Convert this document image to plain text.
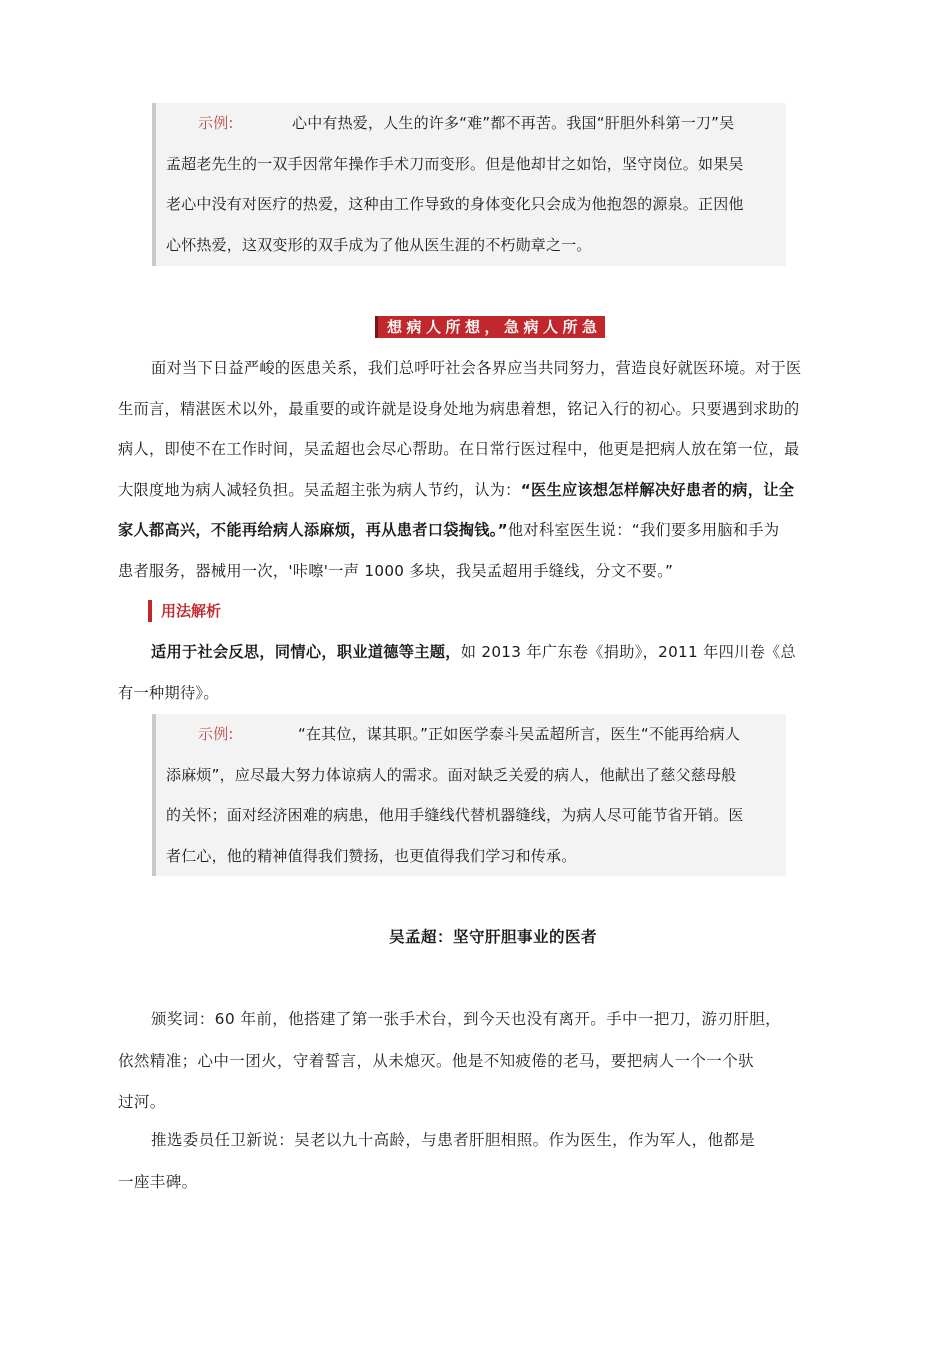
示例:	心中有热爱，人生的许多“难”都不再苦。我国“肝胆外科第一刀”吴
孟超老先生的一双手因常年操作手术刀而变形。但是他却甘之如饴，坚守岗位。如果吴
老心中没有对医疗的热爱，这种由工作导致的身体变化只会成为他抱怨的源泉。正因他
心怀热爱，这双变形的双手成为了他从医生涯的不朽勋章之一。
想病人所想，急病人所急
面对当下日益严峻的医患关系，我们总呼吁社会各界应当共同努力，营造良好就医环境。对于医
生而言，精湛医术以外，最重要的或许就是设身处地为病患着想，铭记入行的初心。只要遇到求助的
病人，即使不在工作时间，吴孟超也会尽心帮助。在日常行医过程中，他更是把病人放在第一位，最
大限度地为病人减轻负担。吴孟超主张为病人节约，认为：“医生应该想怎样解决好患者的病，让全
家人都高兴，不能再给病人添麻烦，再从患者口袋掏钱。”他对科室医生说：“我们要多用脑和手为
患者服务，器械用一次，'咔嚓'一声 1000 多块，我吴孟超用手缝线，分文不要。”
用法解析
适用于社会反思，同情心，职业道德等主题，如 2013 年广东卷《捐助》，2011 年四川卷《总
有一种期待》。
示例:	“在其位，谋其职。”正如医学泰斗吴孟超所言，医生“不能再给病人
添麻烦”，应尽最大努力体谅病人的需求。面对缺乏关爱的病人，他献出了慈父慈母般
的关怀；面对经济困难的病患，他用手缝线代替机器缝线，为病人尽可能节省开销。医
者仁心，他的精神值得我们赞扬，也更值得我们学习和传承。
吴孟超：坚守肝胆事业的医者
颁奖词：60 年前，他搭建了第一张手术台，到今天也没有离开。手中一把刀，游刃肝胆，
依然精准；心中一团火，守着誓言，从未熄灭。他是不知疲倦的老马，要把病人一个一个驮
过河。
推选委员任卫新说：吴老以九十高龄，与患者肝胆相照。作为医生，作为军人，他都是
一座丰碑。
